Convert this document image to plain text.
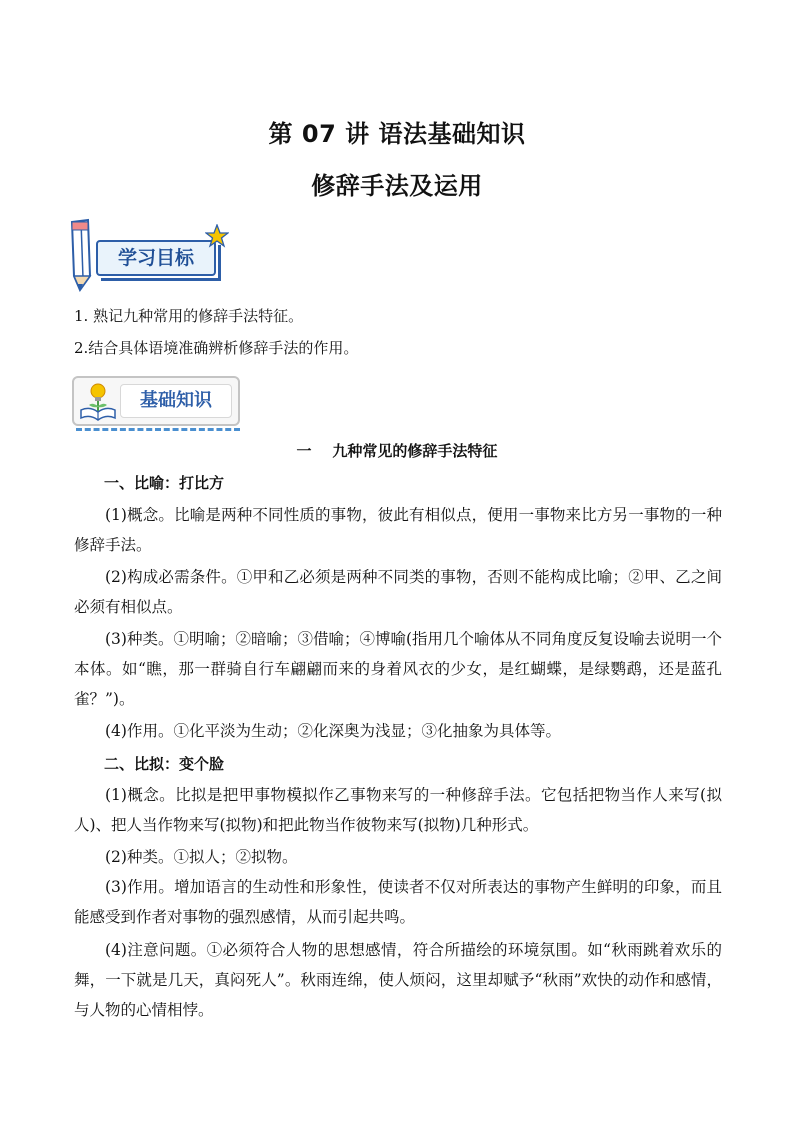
第 07 讲 语法基础知识
修辞手法及运用
学习目标
1. 熟记九种常用的修辞手法特征。
2.结合具体语境准确辨析修辞手法的作用。
基础知识
一    九种常见的修辞手法特征
一、比喻：打比方

(1)概念。比喻是两种不同性质的事物，彼此有相似点，便用一事物来比方另一事物的一种修辞手法。

(2)构成必需条件。①甲和乙必须是两种不同类的事物，否则不能构成比喻；②甲、乙之间必须有相似点。

(3)种类。①明喻；②暗喻；③借喻；④博喻(指用几个喻体从不同角度反复设喻去说明一个本体。如“瞧，那一群骑自行车翩翩而来的身着风衣的少女，是红蝴蝶，是绿鹦鹉，还是蓝孔雀？”)。

(4)作用。①化平淡为生动；②化深奥为浅显；③化抽象为具体等。

二、比拟：变个脸

(1)概念。比拟是把甲事物模拟作乙事物来写的一种修辞手法。它包括把物当作人来写(拟人)、把人当作物来写(拟物)和把此物当作彼物来写(拟物)几种形式。

(2)种类。①拟人；②拟物。

(3)作用。增加语言的生动性和形象性，使读者不仅对所表达的事物产生鲜明的印象，而且能感受到作者对事物的强烈感情，从而引起共鸣。

(4)注意问题。①必须符合人物的思想感情，符合所描绘的环境氛围。如“秋雨跳着欢乐的舞，一下就是几天，真闷死人”。秋雨连绵，使人烦闷，这里却赋予“秋雨”欢快的动作和感情，与人物的心情相悖。
